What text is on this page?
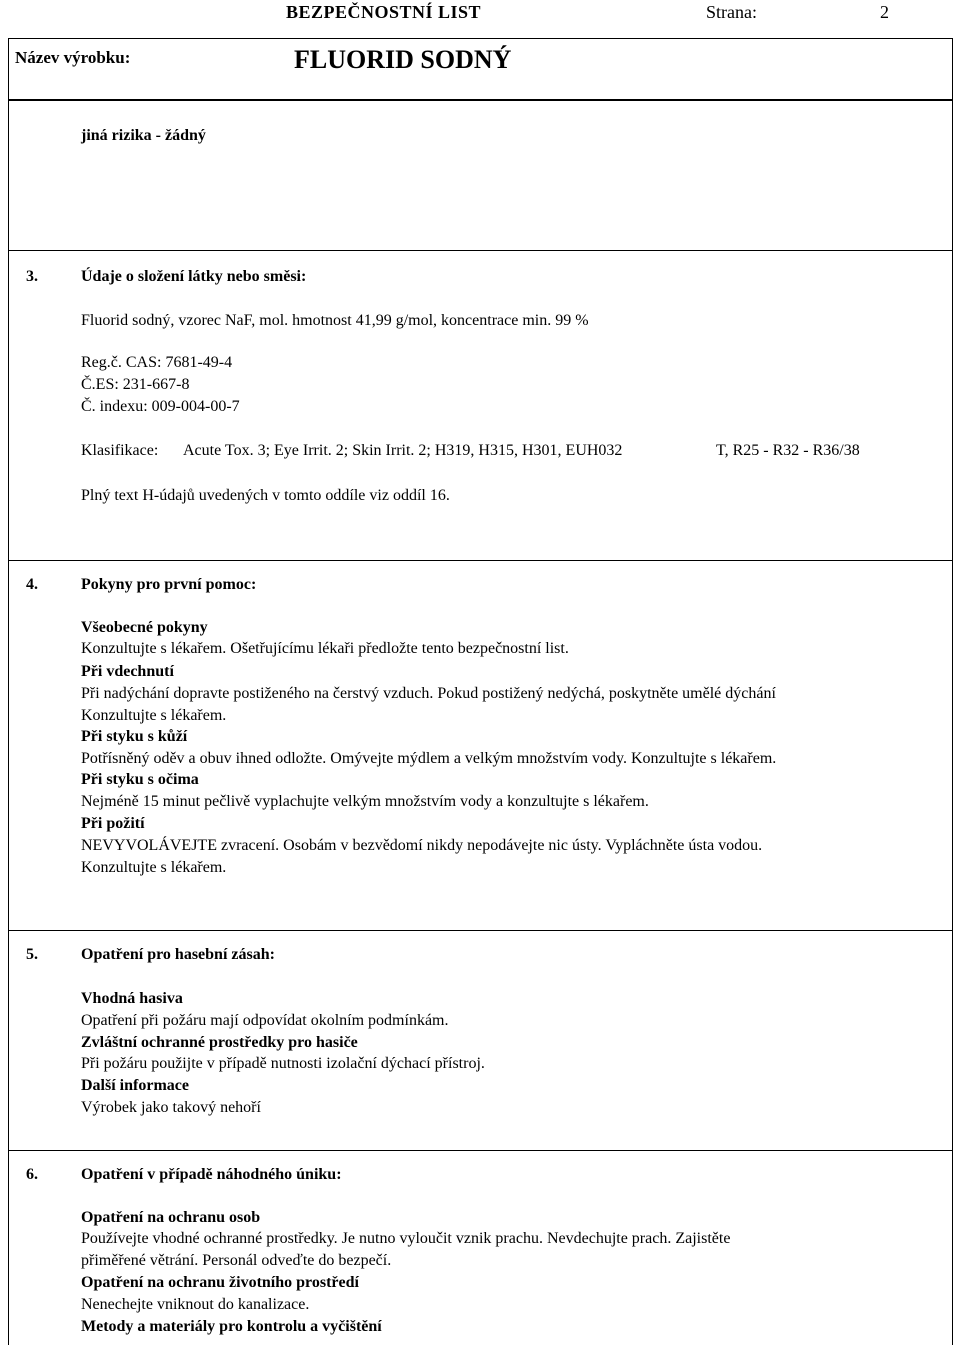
BEZPEČNOSTNÍ LIST	Strana:	2
Název výrobku:	FLUORID SODNÝ
jiná rizika - žádný
3.	Údaje o složení látky nebo směsi:
Fluorid sodný, vzorec NaF, mol. hmotnost 41,99 g/mol, koncentrace min. 99 %
Reg.č. CAS: 7681-49-4
Č.ES: 231-667-8
Č. indexu: 009-004-00-7
Klasifikace: Acute Tox. 3; Eye Irrit. 2; Skin Irrit. 2; H319, H315, H301, EUH032	T, R25 - R32 - R36/38
Plný text H-údajů uvedených v tomto oddíle viz oddíl 16.
4.	Pokyny pro první pomoc:
Všeobecné pokyny
Konzultujte s lékařem. Ošetřujícímu lékaři předložte tento bezpečnostní list.
Při vdechnutí
Při nadýchání dopravte postiženého na čerstvý vzduch. Pokud postižený nedýchá, poskytněte umělé dýchání
Konzultujte s lékařem.
Při styku s kůží
Potřísněný oděv a obuv ihned odložte. Omývejte mýdlem a velkým množstvím vody. Konzultujte s lékařem.
Při styku s očima
Nejméně 15 minut pečlivě vyplachujte velkým množstvím vody a konzultujte s lékařem.
Při požití
NEVYVOLÁVEJTE zvracení. Osobám v bezvědomí nikdy nepodávejte nic ústy. Vypláchněte ústa vodou.
Konzultujte s lékařem.
5.	Opatření pro hasební zásah:
Vhodná hasiva
Opatření při požáru mají odpovídat okolním podmínkám.
Zvláštní ochranné prostředky pro hasiče
Při požáru použijte v případě nutnosti izolační dýchací přístroj.
Další informace
Výrobek jako takový nehoří
6.	Opatření v případě náhodného úniku:
Opatření na ochranu osob
Používejte vhodné ochranné prostředky. Je nutno vyloučit vznik prachu. Nevdechujte prach. Zajistěte
přiměřené větrání. Personál odveďte do bezpečí.
Opatření na ochranu životního prostředí
Nenechejte vniknout do kanalizace.
Metody a materiály pro kontrolu a vyčištění
